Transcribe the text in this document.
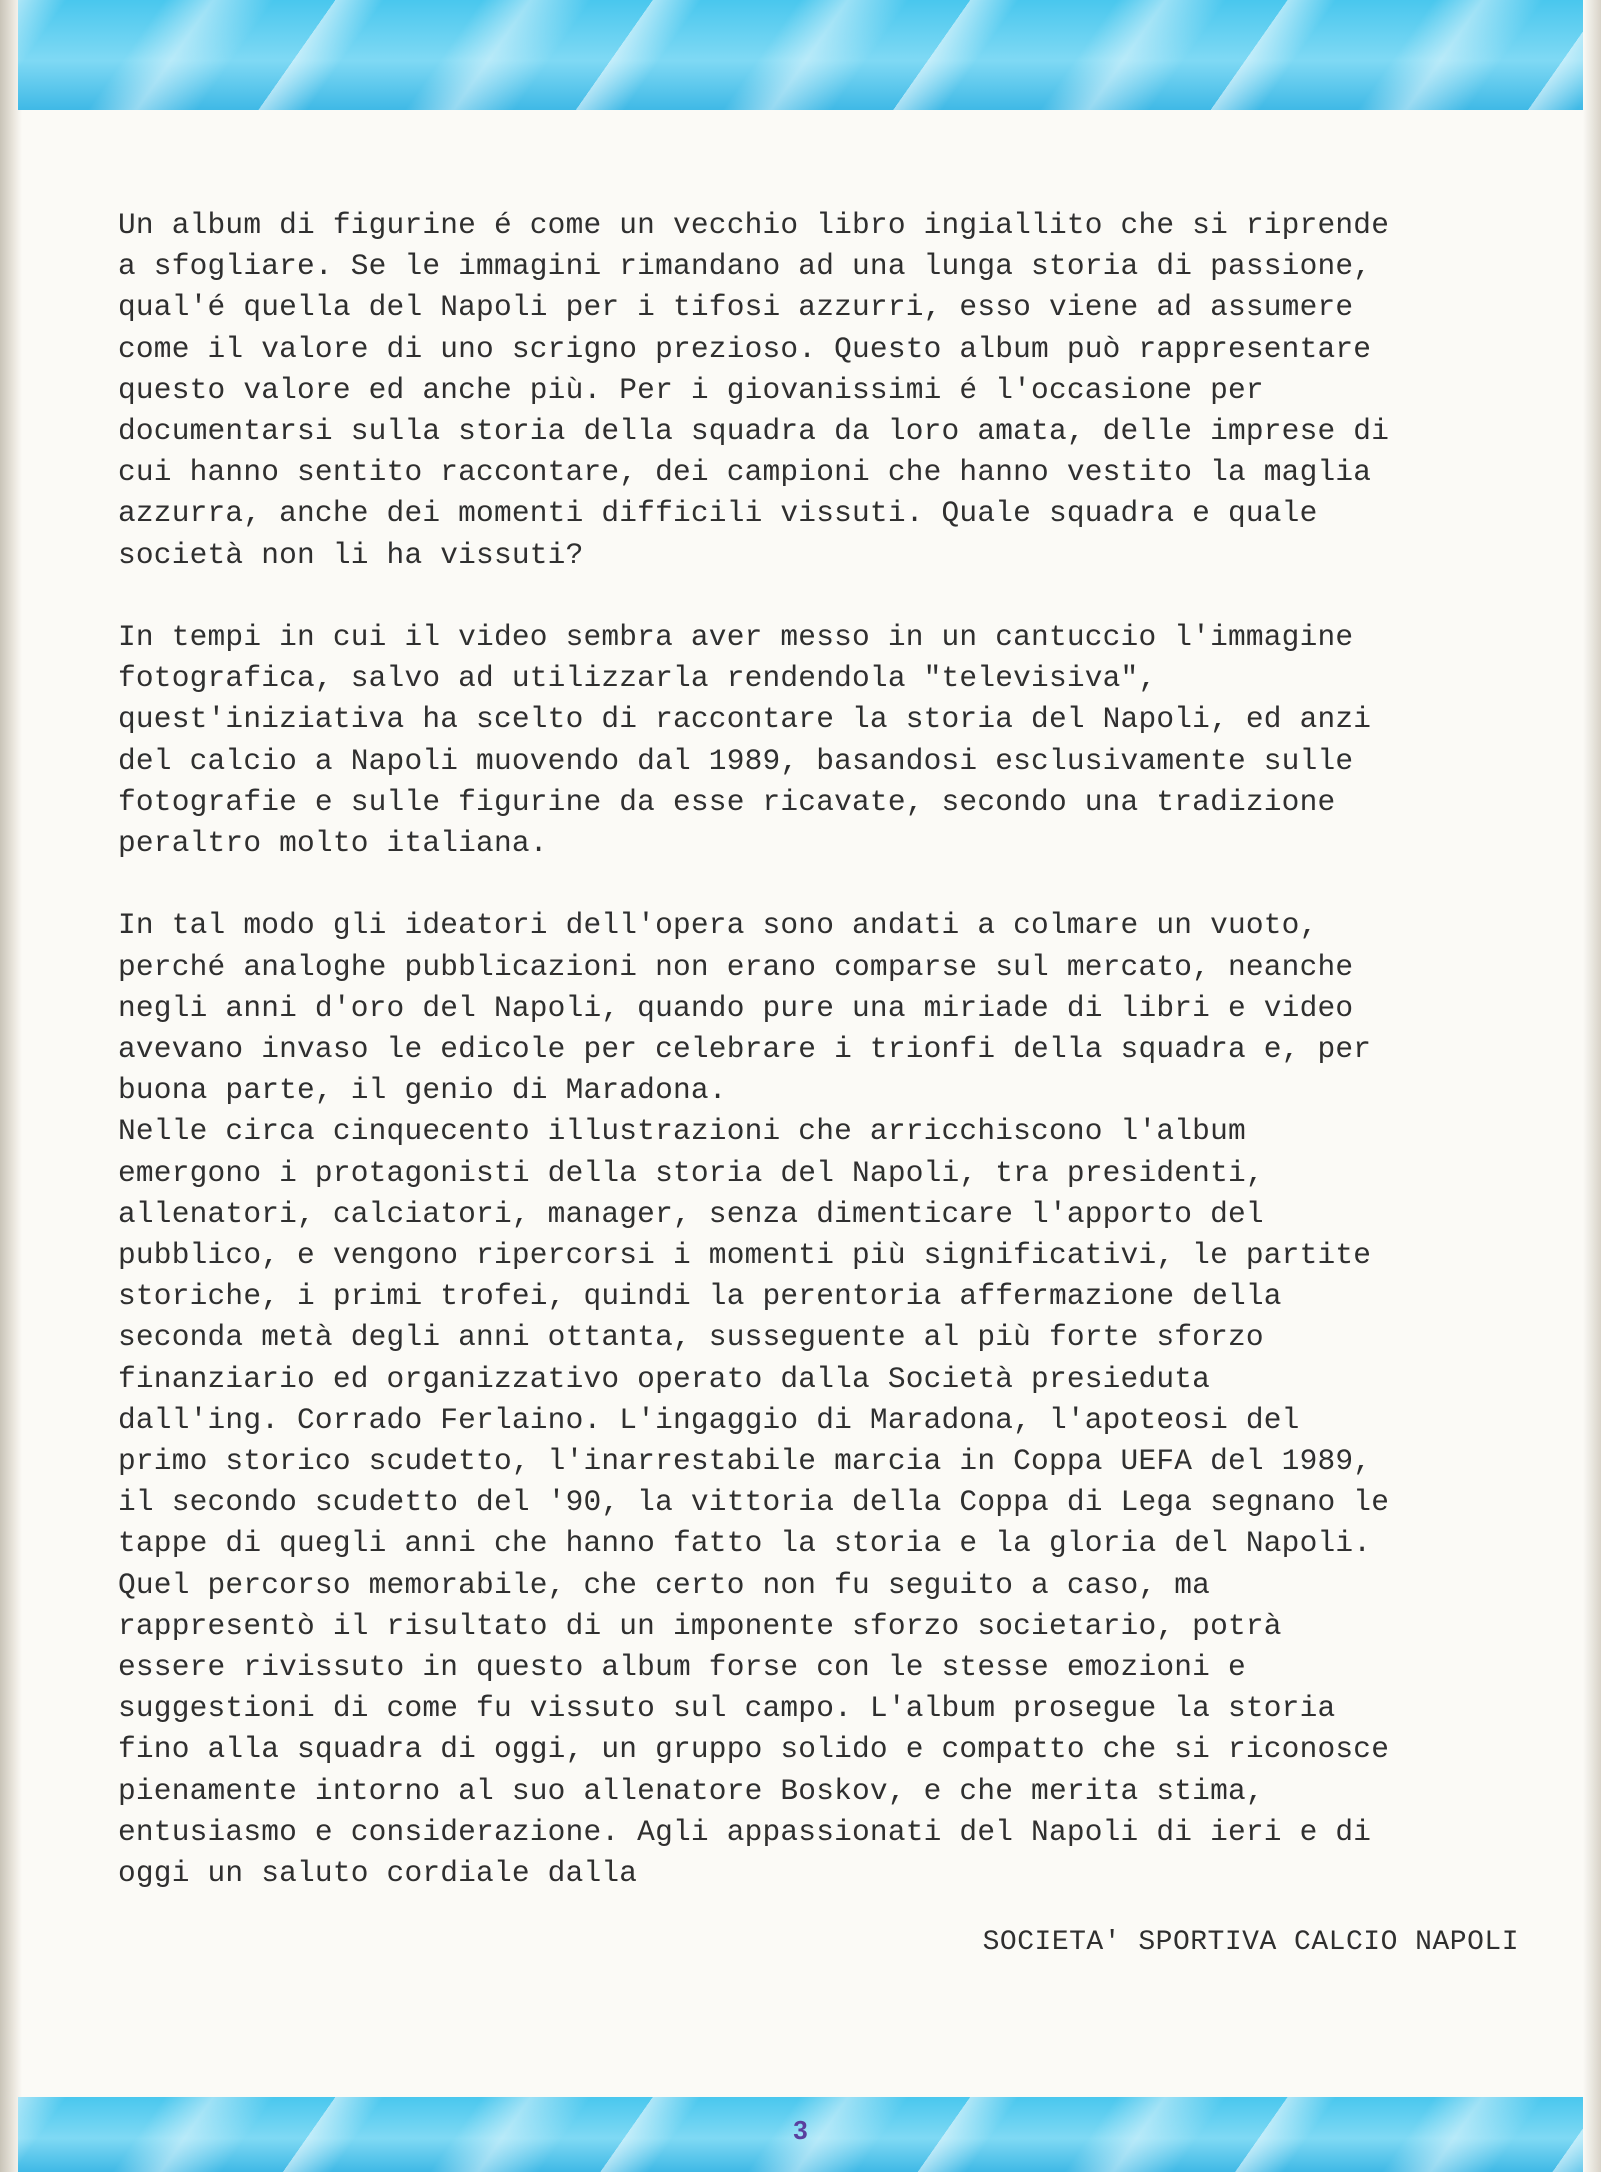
Un album di figurine é come un vecchio libro ingiallito che si riprende
a sfogliare. Se le immagini rimandano ad una lunga storia di passione,
qual'é quella del Napoli per i tifosi azzurri, esso viene ad assumere
come il valore di uno scrigno prezioso. Questo album può rappresentare
questo valore ed anche più. Per i giovanissimi é l'occasione per
documentarsi sulla storia della squadra da loro amata, delle imprese di
cui hanno sentito raccontare, dei campioni che hanno vestito la maglia
azzurra, anche dei momenti difficili vissuti. Quale squadra e quale
società non li ha vissuti?
In tempi in cui il video sembra aver messo in un cantuccio l'immagine
fotografica, salvo ad utilizzarla rendendola "televisiva",
quest'iniziativa ha scelto di raccontare la storia del Napoli, ed anzi
del calcio a Napoli muovendo dal 1989, basandosi esclusivamente sulle
fotografie e sulle figurine da esse ricavate, secondo una tradizione
peraltro molto italiana.
In tal modo gli ideatori dell'opera sono andati a colmare un vuoto,
perché analoghe pubblicazioni non erano comparse sul mercato, neanche
negli anni d'oro del Napoli, quando pure una miriade di libri e video
avevano invaso le edicole per celebrare i trionfi della squadra e, per
buona parte, il genio di Maradona.
Nelle circa cinquecento illustrazioni che arricchiscono l'album
emergono i protagonisti della storia del Napoli, tra presidenti,
allenatori, calciatori, manager, senza dimenticare l'apporto del
pubblico, e vengono ripercorsi i momenti più significativi, le partite
storiche, i primi trofei, quindi la perentoria affermazione della
seconda metà degli anni ottanta, susseguente al più forte sforzo
finanziario ed organizzativo operato dalla Società presieduta
dall'ing. Corrado Ferlaino. L'ingaggio di Maradona, l'apoteosi del
primo storico scudetto, l'inarrestabile marcia in Coppa UEFA del 1989,
il secondo scudetto del '90, la vittoria della Coppa di Lega segnano le
tappe di quegli anni che hanno fatto la storia e la gloria del Napoli.
Quel percorso memorabile, che certo non fu seguito a caso, ma
rappresentò il risultato di un imponente sforzo societario, potrà
essere rivissuto in questo album forse con le stesse emozioni e
suggestioni di come fu vissuto sul campo. L'album prosegue la storia
fino alla squadra di oggi, un gruppo solido e compatto che si riconosce
pienamente intorno al suo allenatore Boskov, e che merita stima,
entusiasmo e considerazione. Agli appassionati del Napoli di ieri e di
oggi un saluto cordiale dalla
SOCIETA' SPORTIVA CALCIO NAPOLI
3
